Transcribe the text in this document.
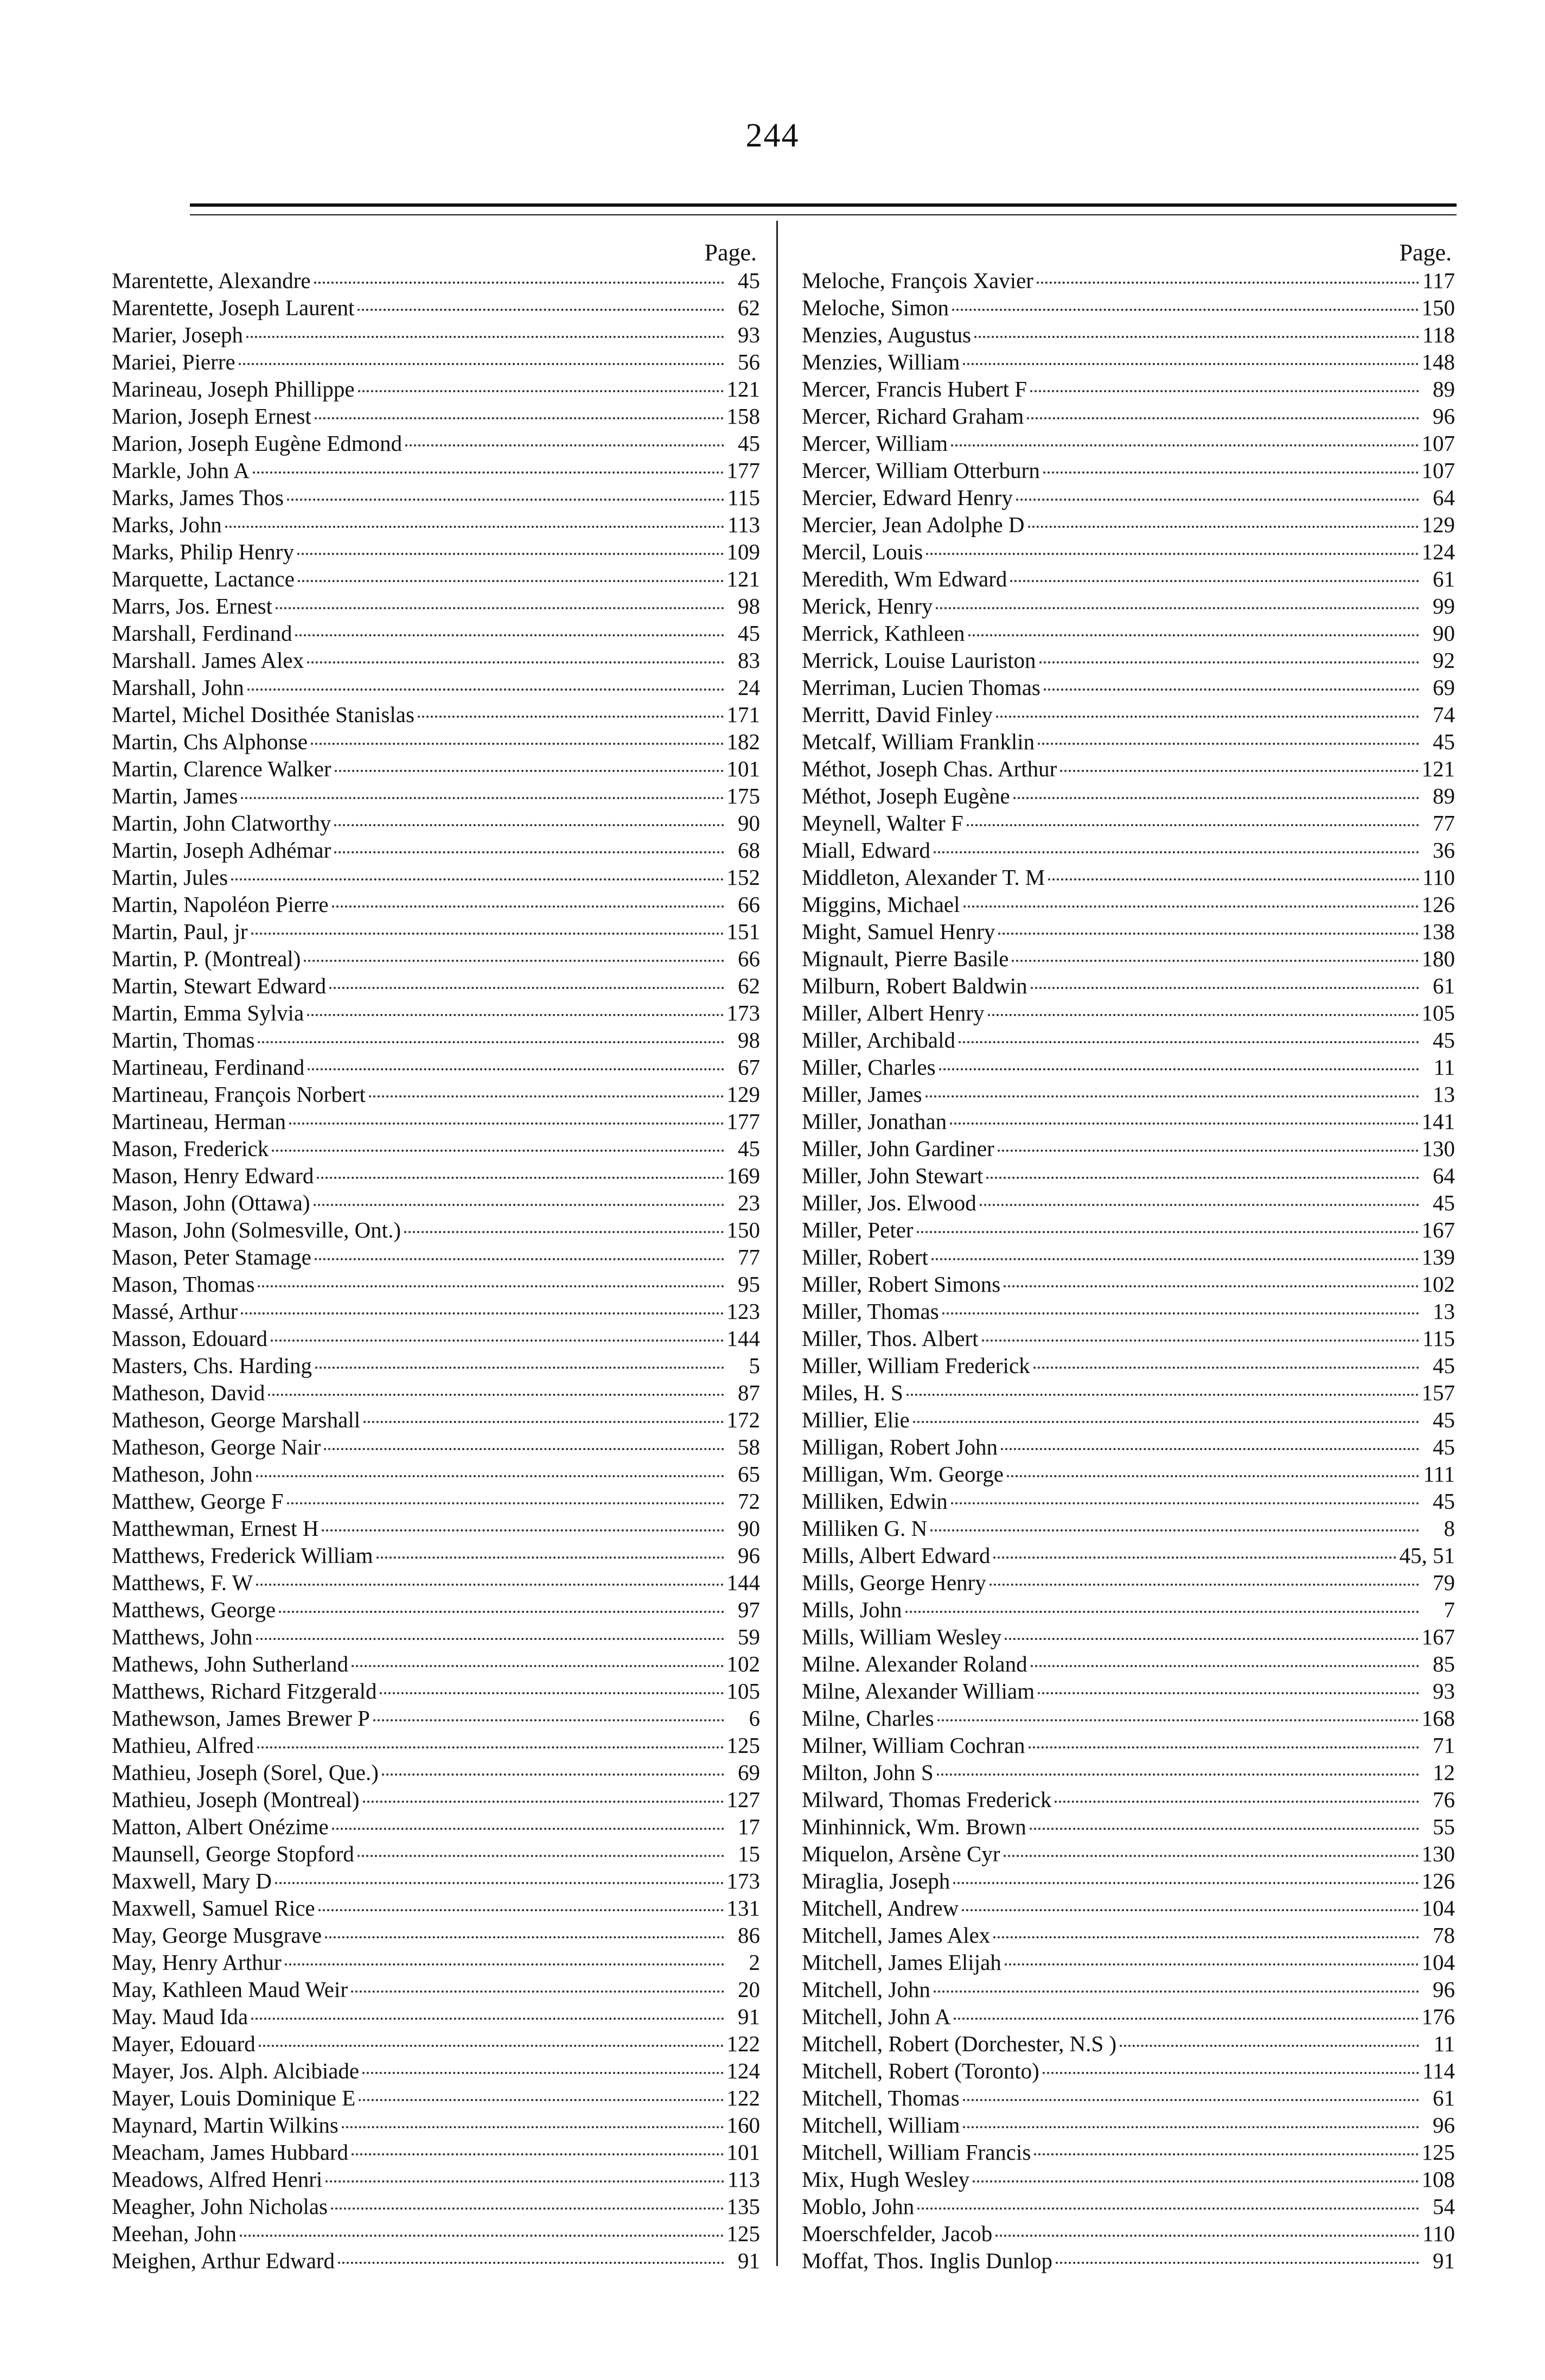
244
Page.
Marentette, Alexandre	45
Marentette, Joseph Laurent	62
Marier, Joseph	93
Mariei, Pierre	56
Marineau, Joseph Phillippe	121
Marion, Joseph Ernest	158
Marion, Joseph Eugène Edmond	45
Markle, John A	177
Marks, James Thos	115
Marks, John	113
Marks, Philip Henry	109
Marquette, Lactance	121
Marrs, Jos. Ernest	98
Marshall, Ferdinand	45
Marshall. James Alex	83
Marshall, John	24
Martel, Michel Dosithée Stanislas	171
Martin, Chs Alphonse	182
Martin, Clarence Walker	101
Martin, James	175
Martin, John Clatworthy	90
Martin, Joseph Adhémar	68
Martin, Jules	152
Martin, Napoléon Pierre	66
Martin, Paul, jr	151
Martin, P. (Montreal)	66
Martin, Stewart Edward	62
Martin, Emma Sylvia	173
Martin, Thomas	98
Martineau, Ferdinand	67
Martineau, François Norbert	129
Martineau, Herman	177
Mason, Frederick	45
Mason, Henry Edward	169
Mason, John (Ottawa)	23
Mason, John (Solmesville, Ont.)	150
Mason, Peter Stamage	77
Mason, Thomas	95
Massé, Arthur	123
Masson, Edouard	144
Masters, Chs. Harding	5
Matheson, David	87
Matheson, George Marshall	172
Matheson, George Nair	58
Matheson, John	65
Matthew, George F	72
Matthewman, Ernest H	90
Matthews, Frederick William	96
Matthews, F. W	144
Matthews, George	97
Matthews, John	59
Mathews, John Sutherland	102
Matthews, Richard Fitzgerald	105
Mathewson, James Brewer P	6
Mathieu, Alfred	125
Mathieu, Joseph (Sorel, Que.)	69
Mathieu, Joseph (Montreal)	127
Matton, Albert Onézime	17
Maunsell, George Stopford	15
Maxwell, Mary D	173
Maxwell, Samuel Rice	131
May, George Musgrave	86
May, Henry Arthur	2
May, Kathleen Maud Weir	20
May. Maud Ida	91
Mayer, Edouard	122
Mayer, Jos. Alph. Alcibiade	124
Mayer, Louis Dominique E	122
Maynard, Martin Wilkins	160
Meacham, James Hubbard	101
Meadows, Alfred Henri	113
Meagher, John Nicholas	135
Meehan, John	125
Meighen, Arthur Edward	91
Page.
Meloche, François Xavier	117
Meloche, Simon	150
Menzies, Augustus	118
Menzies, William	148
Mercer, Francis Hubert F	89
Mercer, Richard Graham	96
Mercer, William	107
Mercer, William Otterburn	107
Mercier, Edward Henry	64
Mercier, Jean Adolphe D	129
Mercil, Louis	124
Meredith, Wm Edward	61
Merick, Henry	99
Merrick, Kathleen	90
Merrick, Louise Lauriston	92
Merriman, Lucien Thomas	69
Merritt, David Finley	74
Metcalf, William Franklin	45
Méthot, Joseph Chas. Arthur	121
Méthot, Joseph Eugène	89
Meynell, Walter F	77
Miall, Edward	36
Middleton, Alexander T. M	110
Miggins, Michael	126
Might, Samuel Henry	138
Mignault, Pierre Basile	180
Milburn, Robert Baldwin	61
Miller, Albert Henry	105
Miller, Archibald	45
Miller, Charles	11
Miller, James	13
Miller, Jonathan	141
Miller, John Gardiner	130
Miller, John Stewart	64
Miller, Jos. Elwood	45
Miller, Peter	167
Miller, Robert	139
Miller, Robert Simons	102
Miller, Thomas	13
Miller, Thos. Albert	115
Miller, William Frederick	45
Miles, H. S	157
Millier, Elie	45
Milligan, Robert John	45
Milligan, Wm. George	111
Milliken, Edwin	45
Milliken G. N	8
Mills, Albert Edward	45, 51
Mills, George Henry	79
Mills, John	7
Mills, William Wesley	167
Milne. Alexander Roland	85
Milne, Alexander William	93
Milne, Charles	168
Milner, William Cochran	71
Milton, John S	12
Milward, Thomas Frederick	76
Minhinnick, Wm. Brown	55
Miquelon, Arsène Cyr	130
Miraglia, Joseph	126
Mitchell, Andrew	104
Mitchell, James Alex	78
Mitchell, James Elijah	104
Mitchell, John	96
Mitchell, John A	176
Mitchell, Robert (Dorchester, N.S )	11
Mitchell, Robert (Toronto)	114
Mitchell, Thomas	61
Mitchell, William	96
Mitchell, William Francis	125
Mix, Hugh Wesley	108
Moblo, John	54
Moerschfelder, Jacob	110
Moffat, Thos. Inglis Dunlop	91
